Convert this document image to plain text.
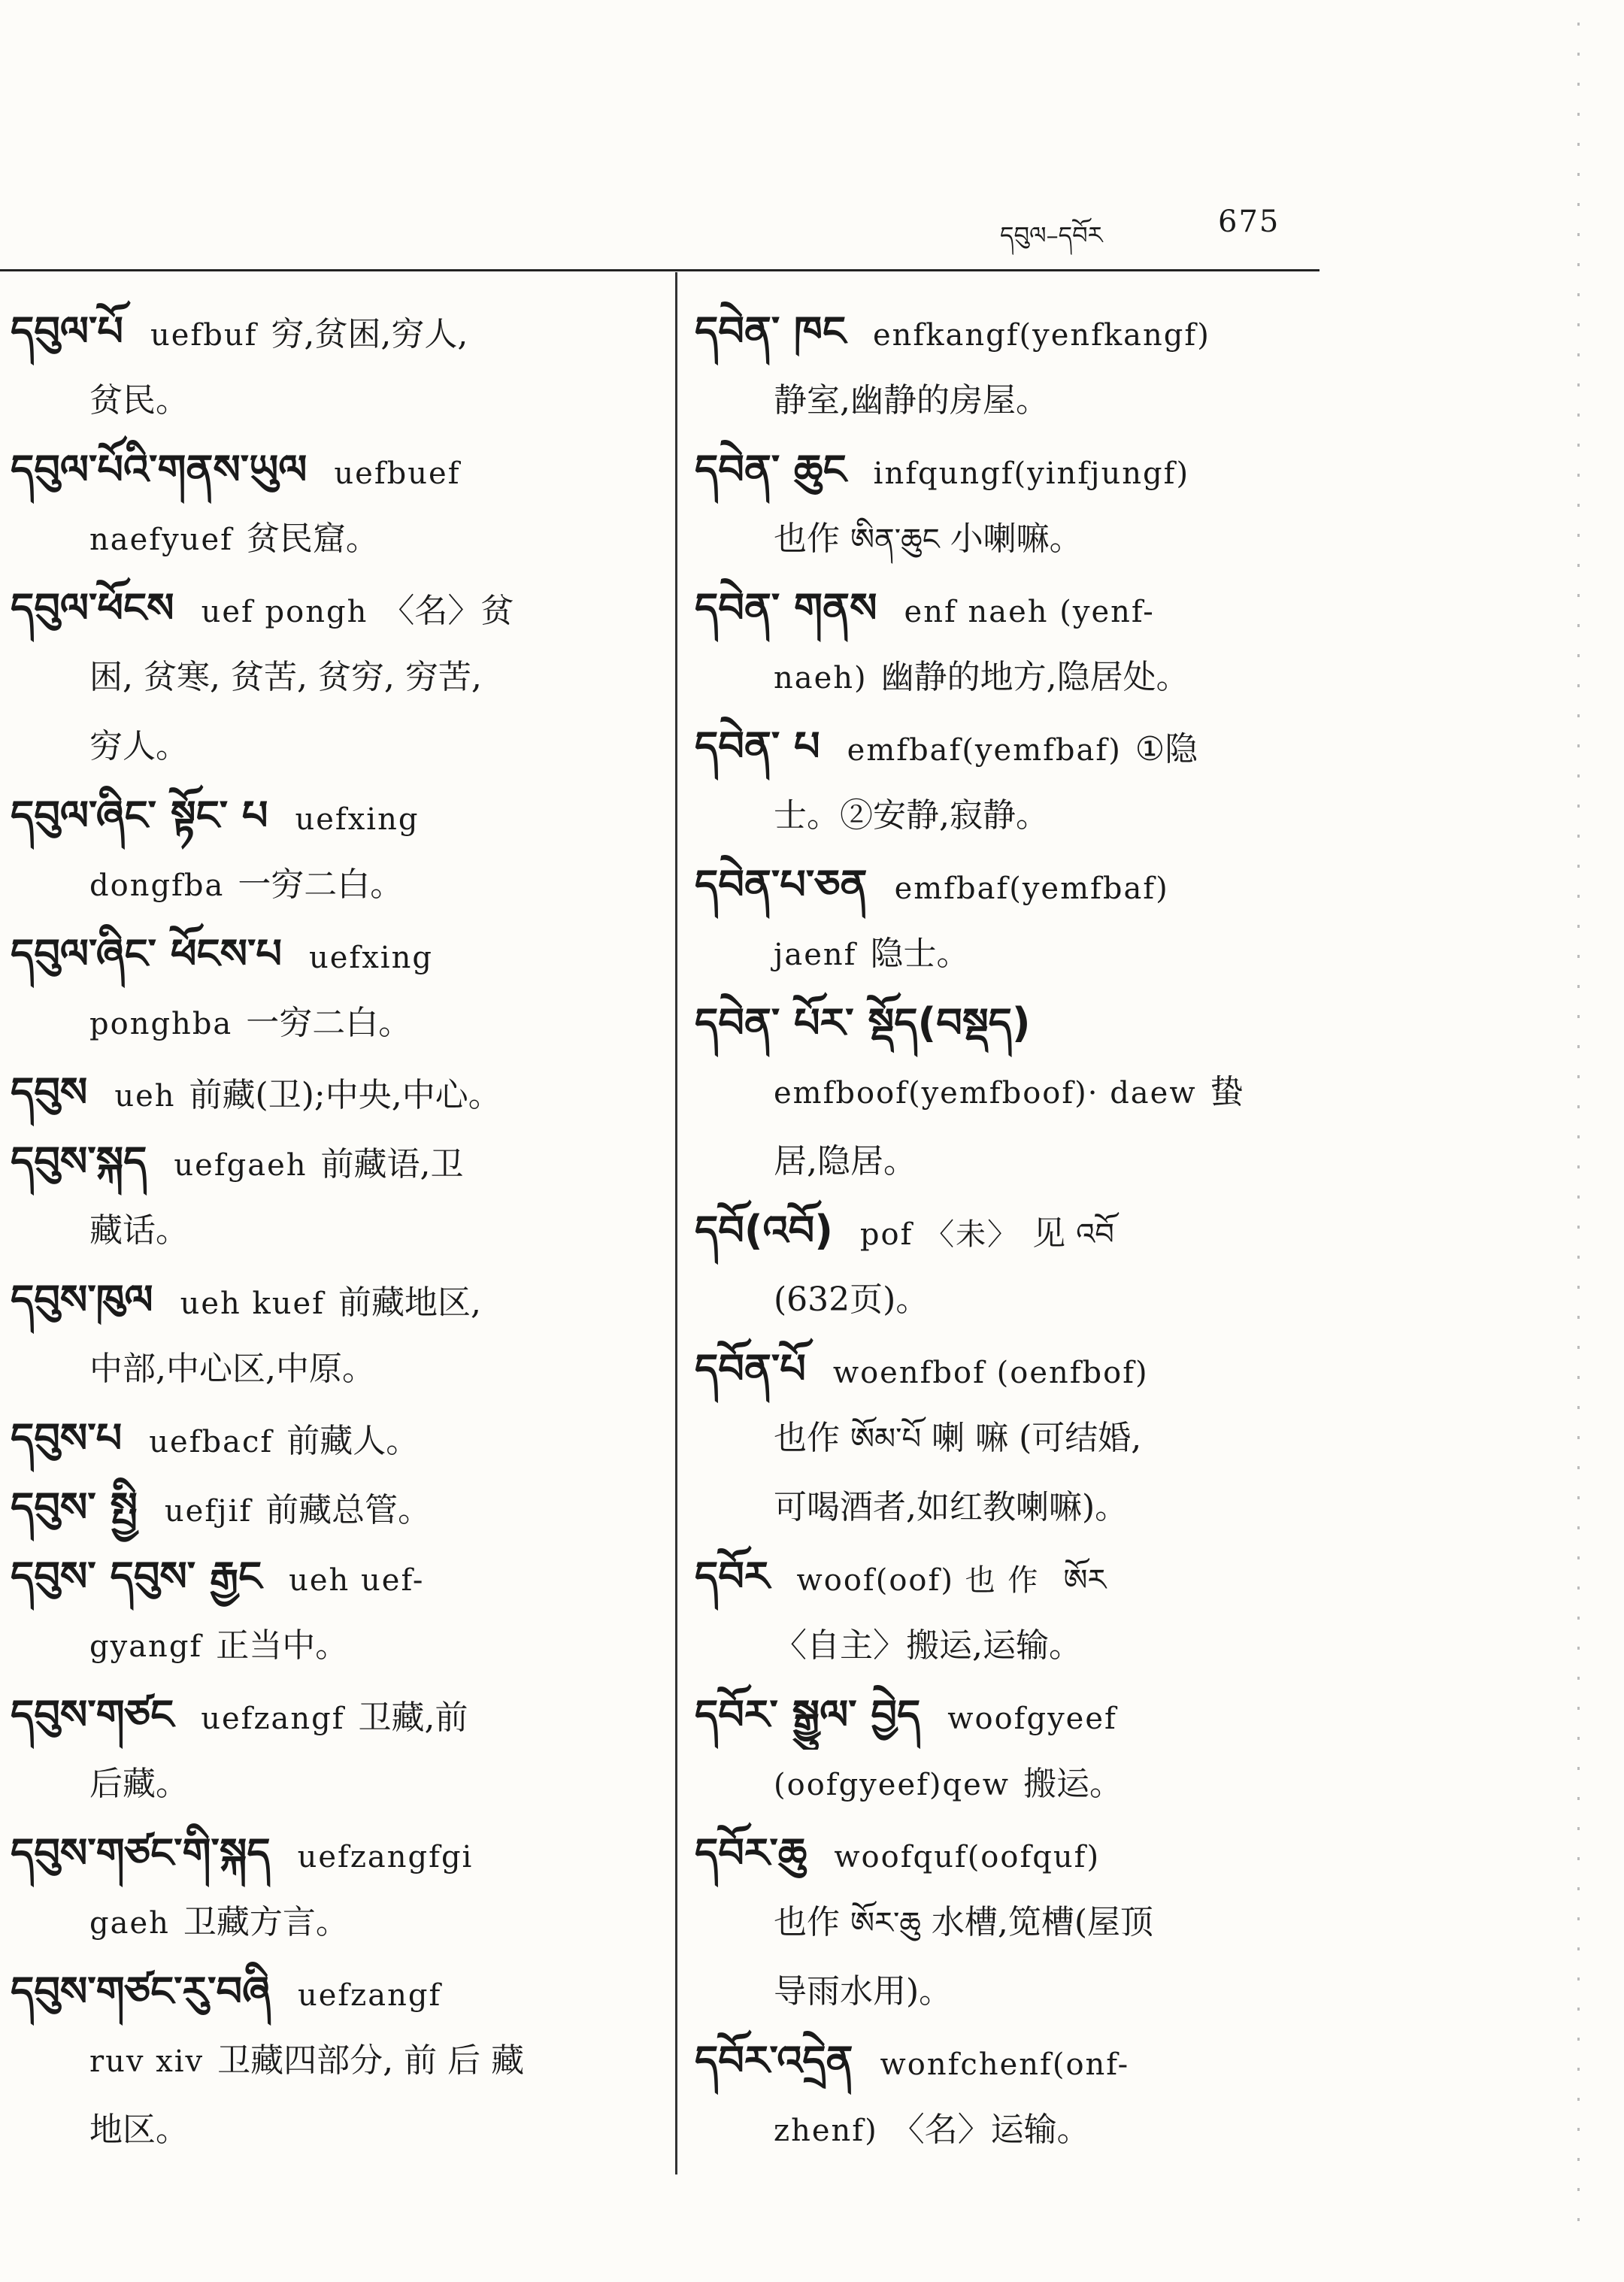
དབུལ–དབོར	675
དབུལ་པོ uefbuf 穷,贫困,穷人,
贫民。
དབུལ་པོའི་གནས་ཡུལ uefbuef
naefyuef 贫民窟。
དབུལ་ཕོངས uef pongh 〈名〉贫
困, 贫寒, 贫苦, 贫穷, 穷苦,
穷人。
དབུལ་ཞིང་ སྟོང་ པ uefxing
dongfba 一穷二白。
དབུལ་ཞིང་ ཕོངས་པ uefxing
ponghba 一穷二白。
དབུས ueh 前藏(卫);中央,中心。
དབུས་སྐད uefgaeh 前藏语,卫
藏话。
དབུས་ཁུལ ueh kuef 前藏地区,
中部,中心区,中原。
དབུས་པ uefbacf 前藏人。
དབུས་ སྤྱི uefjif 前藏总管。
དབུས་ དབུས་ རྒྱང ueh uef-
gyangf 正当中。
དབུས་གཙང uefzangf 卫藏,前
后藏。
དབུས་གཙང་གི་སྐད uefzangfgi
gaeh 卫藏方言。
དབུས་གཙང་རུ་བཞི uefzangf
ruv xiv 卫藏四部分, 前 后 藏
地区。
དབེན་ ཁང enfkangf(yenfkangf)
静室,幽静的房屋。
དབེན་ ཆུང infqungf(yinfjungf)
也作 ཨིན་ཆུང 小喇嘛。
དབེན་ གནས enf naeh (yenf-
naeh) 幽静的地方,隐居处。
དབེན་ པ emfbaf(yemfbaf) ①隐
士。②安静,寂静。
དབེན་པ་ཅན emfbaf(yemfbaf)
jaenf 隐士。
དབེན་ པོར་ སྡོད(བསྡད)
emfboof(yemfboof)· daew 蛰
居,隐居。
དབོ(འབོ) pof 〈未〉 见 འབོ
(632页)。
དབོན་པོ woenfbof (oenfbof)
也作 ཨོམ་པོ 喇 嘛 (可结婚,
可喝酒者,如红教喇嘛)。
དབོར woof(oof) 也 作 ཨོར
〈自主〉搬运,运输。
དབོར་ སྒྱུལ་ བྱེད woofgyeef
(oofgyeef)qew 搬运。
དབོར་ཆུ woofquf(oofquf)
也作 ཨོར་ཆུ 水槽,笕槽(屋顶
导雨水用)。
དབོར་འདྲེན wonfchenf(onf-
zhenf) 〈名〉运输。
